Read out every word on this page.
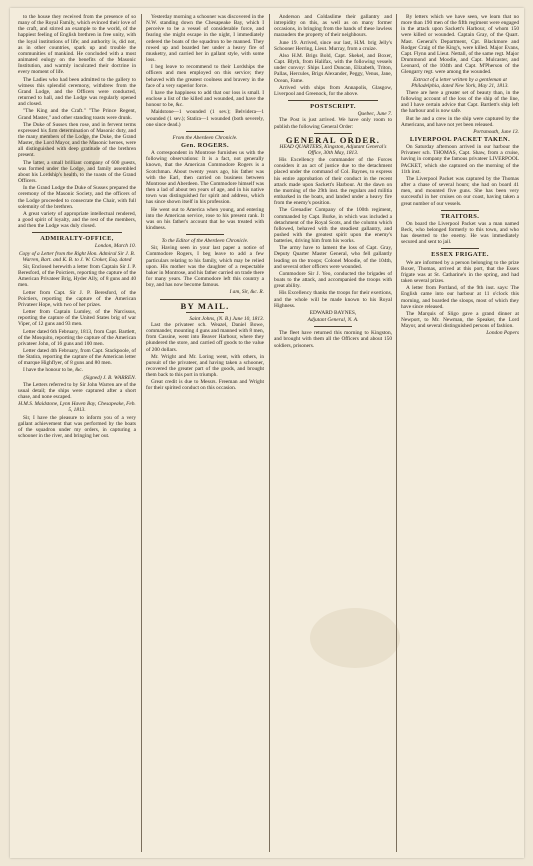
to the house they received from the presence of so many of the Royal Family, which evinced their love of the craft, and stirred an example to the world, of the happiest feeling of English brethren in free unity, with the loyal institutions of life; and authority is, did not, as in other countries, spark up and trouble the communities of mankind. He concluded with a most animated eulogy on the benefits of the Masonic Institution, and warmly inculcated their doctrine in every moment of life.

The Ladies who had been admitted to the gallery to witness this splendid ceremony, withdrew from the Grand Lodge, and the Officers were conducted, returned to hall, and the Lodge was regularly opened and closed.

"The King and the Craft." "The Prince Regent, Grand Master," and other standing toasts were drunk.

The Duke of Sussex then rose, and in fervent terms expressed his firm determination of Masonic duty, and the many members of the Lodge, the Duke, the Grand Master, the Lord Mayor, and the Masonic heroes, were all distinguished with deep gratitude of the brethren present.

The latter, a small brilliant company of 600 guests, was formed under the Lodge, and family assembled about his Lordship's health, to the toasts of the Grand Officers.

In the Grand Lodge the Duke of Sussex prepared the ceremony of the Masonic Society, and the officers of the Lodge proceeded to consecrate the Chair, with full solemnity of the brethren.

A great variety of appropriate intellectual rendered, a good spirit of loyalty, and the rest of the members, and then the Lodge was duly closed.

ADMIRALTY-OFFICE,
London, March 10.

Copy of a Letter from the Right Hon. Admiral Sir J. B. Warren, Bart. and K. B. to J. W. Croker, Esq. dated

Sir, Enclosed herewith a letter from Captain Sir J. P. Beresford, of the Poictiers, reporting the capture of the American Privateer Brig, Hyder Ally, of 8 guns and 40 men.

Letter from Capt. Sir J. P. Beresford, of the Poictiers, reporting the capture of the American Privateer Hope, with two of her prizes.

Letter from Captain Lumley, of the Narcissus, reporting the capture of the United States brig of war Viper, of 12 guns and 93 men.

Letter dated 6th February, 1813, from Capt. Bartlett, of the Mosquito, reporting the capture of the American privateer John, of 16 guns and 100 men.

Letter dated 4th February, from Capt. Stackpoole, of the Statira, reporting the capture of the American letter of marque Highflyer, of 8 guns and 80 men.

I have the honour to be, &c.

(Signed) J. B. WARREN.

The Letters referred to by Sir John Warren are of the usual detail; the ships were captured after a short chase, and none escaped.

H.M.S. Maidstone, Lynn Haven Bay, Chesapeake, Feb. 5, 1813.

Sir, I have the pleasure to inform you of a very gallant achievement that was performed by the boats of the squadron under my orders, in capturing a schooner in the river, and bringing her out.

Yesterday morning a schooner was discovered in the N.W. standing down the Chesapeake Bay, which I perceive to be a vessel of considerable force, and fearing she might escape in the night, I immediately ordered the boats of the squadron to be manned. They rowed up and boarded her under a heavy fire of musketry, and carried her in gallant style, with some loss.

I beg leave to recommend to their Lordships the officers and men employed on this service; they behaved with the greatest coolness and bravery in the face of a very superior force.

I have the happiness to add that our loss is small. I enclose a list of the killed and wounded, and have the honour to be, &c.

Maidstone—1 wounded (1 sev.); Belvidera—1 wounded (1 sev.); Statira—1 wounded (both severely, one since dead.)

From the Aberdeen Chronicle.
Gen. ROGERS.

A correspondent in Montrose furnishes us with the following observations: It is a fact, not generally known, that the American Commodore Rogers is a Scotchman. About twenty years ago, his father was with the Earl, then carried on business between Montrose and Aberdeen. The Commodore himself was then a lad of about ten years of age, and in his native town was distinguished for spirit and address, which has since shown itself in his profession.

He went out to America when young, and entering into the American service, rose to his present rank. It was on his father's account that he was treated with kindness.

To the Editor of the Aberdeen Chronicle.

Sir, Having seen in your last paper a notice of Commodore Rogers, I beg leave to add a few particulars relating to his family, which may be relied upon. His mother was the daughter of a respectable baker in Montrose, and his father carried on trade there for many years. The Commodore left this country a boy, and has now become famous.

I am, Sir, &c. R.

BY MAIL.
Saint Johns, (N. B.) June 10, 1813.

Last the privateer sch. Weazel, Daniel Bowe, commander, mounting 4 guns and manned with 8 men, from Cassine, went into Beaver Harbour, where they plundered the store, and carried off goods to the value of 200 dollars.

Mr. Wright and Mr. Loring went, with others, in pursuit of the privateer, and having taken a schooner, recovered the greater part of the goods, and brought them back to this port in triumph.

Great credit is due to Messrs. Freeman and Wright for their spirited conduct on this occasion.

Anderson and Coldaslime their gallantry and intrepidity on this, as well as on many former occasions, in bringing from the hands of these lawless marauders the property of their neighbours.

June 19. Arrived, since our last, H.M. brig Jelly's Schooner Herring, Lieut. Murray, from a cruize.

Also H.M. Brigs Bold, Capt. Skekel, and Boxer, Capt. Blyth, from Halifax, with the following vessels under convoy: Ships Lord Duncan, Elizabeth, Triton, Pallas, Hercules, Brigs Alexander, Peggy, Venus, Jane, Ocean, Fame.

Arrived with ships from Annapolis, Glasgow, Liverpool and Greenock, for the above.

POSTSCRIPT.
Quebec, June 7.

The Post is just arrived. We have only room to publish the following General Order:

GENERAL ORDER.
HEAD QUARTERS, Kingston, Adjutant General's Office, 30th May, 1813.

His Excellency the commander of the Forces considers it an act of justice due to the detachment placed under the command of Col. Baynes, to express his entire approbation of their conduct in the recent attack made upon Sackett's Harbour. At the dawn on the morning of the 29th inst. the regulars and militia embarked in the boats, and landed under a heavy fire from the enemy's position.

The Grenadier Company of the 100th regiment, commanded by Capt. Burke, in which was included a detachment of the Royal Scots, and the column which followed, behaved with the steadiest gallantry, and pushed with the greatest spirit upon the enemy's batteries, driving him from his works.

The army have to lament the loss of Capt. Gray, Deputy Quarter Master General, who fell gallantly leading on the troops; Colonel Moodie, of the 104th, and several other officers were wounded.

Commodore Sir J. Yeo, conducted the brigades of boats to the attack, and accompanied the troops with great ability.

His Excellency thanks the troops for their exertions, and the whole will be made known to his Royal Highness.

EDWARD BAYNES,
Adjutant General, N. A.

The fleet have returned this morning to Kingston, and brought with them all the Officers and about 150 soldiers, prisoners.

By letters which we have seen, we learn that no more than 190 men of the fifth regiment were engaged in the attack upon Sackett's Harbour, of whom 150 were killed or wounded. Captain Gray, of the Quart. Mast. General's Department, Cpt. Blackmore and Rodger Craig of the King's, were killed. Major Evans, Capt. Flynn and Lieut. Nettall, of the same regt. Major Drummond and Moodie, and Capt. Mulcaster, and Leonard, of the 104th and Capt. M'Pherson of the Glengarry regt. were among the wounded.

Extract of a letter written by a gentleman at Philadelphia, dated New York, May 21, 1813.

There are here a greater set of beauty than, in the following account of the loss of the ship of the line, and I have certain advice that Capt. Bartlett's ship left the harbour and is now safe.

But he and a crew in the ship were captured by the Americans, and have not yet been released.

Portsmouth, June 13.
LIVERPOOL PACKET TAKEN.

On Saturday afternoon arrived in our harbour the Privateer sch. THOMAS, Capt. Shaw, from a cruise, having in company the famous privateer LIVERPOOL PACKET, which she captured on the morning of the 11th inst.

The Liverpool Packet was captured by the Thomas after a chase of several hours; she had on board 41 men, and mounted five guns. She has been very successful in her cruises on our coast, having taken a great number of our vessels.

TRAITORS.

On board the Liverpool Packet was a man named Beck, who belonged formerly to this town, and who has deserted to the enemy. He was immediately secured and sent to jail.

ESSEX FRIGATE.

We are informed by a person belonging to the prize Boxer, Thomas, arrived at this port, that the Essex frigate was at St. Catharine's in the spring, and had taken several prizes.

A letter from Portland, of the 9th inst. says: The English came into our harbour at 11 o'clock this morning, and boarded the sloops, most of which they have since released.

The Marquis of Sligo gave a grand dinner at Newport, to Mr. Newman, the Speaker, the Lord Mayor, and several distinguished persons of fashion.

London Papers
